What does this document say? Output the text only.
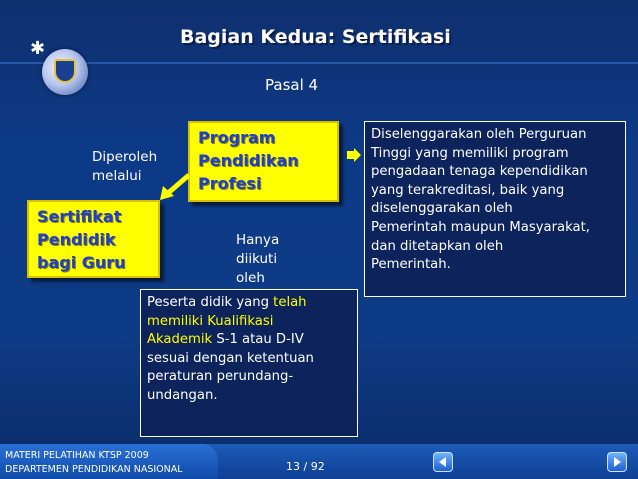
✱
Bagian Kedua: Sertifikasi
Pasal 4
Diperoleh
melalui
Program
Pendidikan
Profesi
Sertifikat
Pendidik
bagi Guru
Hanya
diikuti
oleh
Diselenggarakan oleh Perguruan
Tinggi yang memiliki program
pengadaan tenaga kependidikan
yang terakreditasi, baik yang
diselenggarakan oleh
Pemerintah maupun Masyarakat,
dan ditetapkan oleh
Pemerintah.
Peserta didik yang telah
memiliki Kualifikasi
Akademik S-1 atau D-IV
sesuai dengan ketentuan
peraturan perundang-
undangan.
MATERI PELATIHAN KTSP 2009
DEPARTEMEN PENDIDIKAN NASIONAL	13 / 92
